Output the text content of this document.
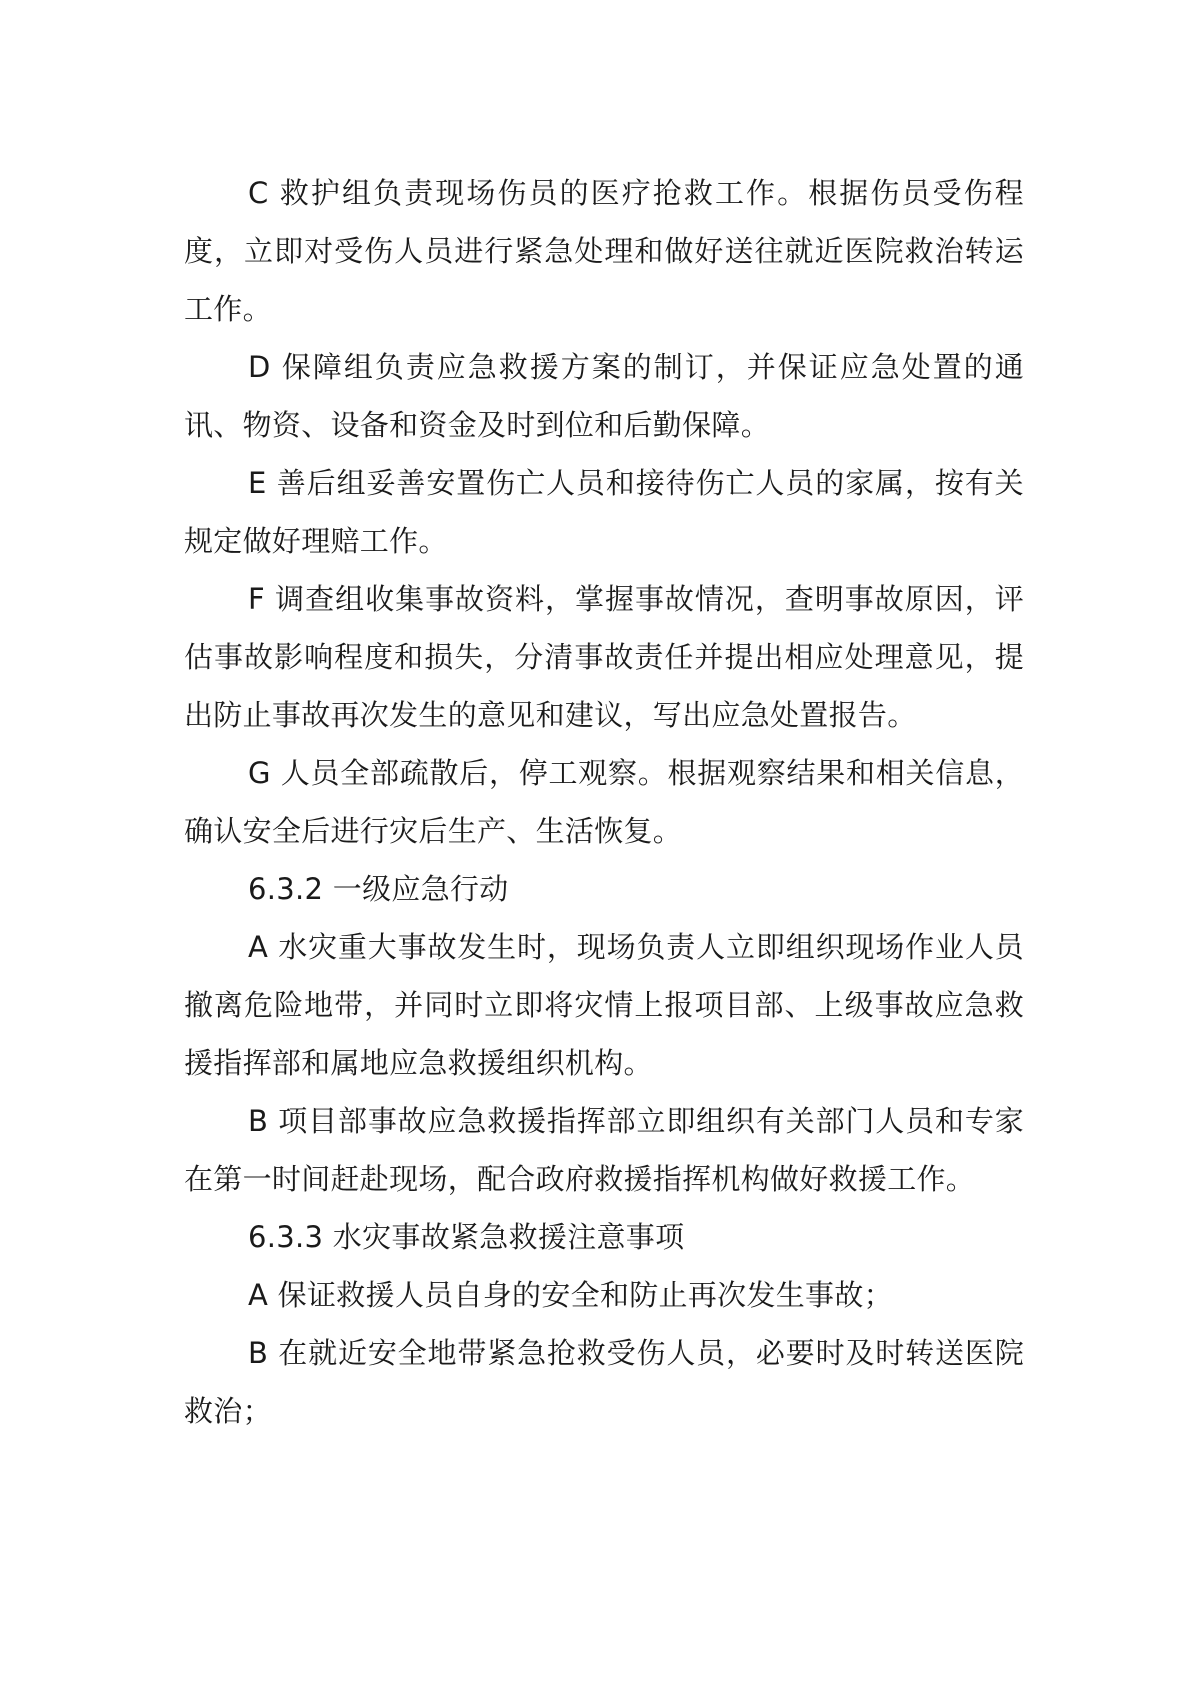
C 救护组负责现场伤员的医疗抢救工作。根据伤员受伤程度，立即对受伤人员进行紧急处理和做好送往就近医院救治转运工作。

D 保障组负责应急救援方案的制订，并保证应急处置的通讯、物资、设备和资金及时到位和后勤保障。

E 善后组妥善安置伤亡人员和接待伤亡人员的家属，按有关规定做好理赔工作。

F 调查组收集事故资料，掌握事故情况，查明事故原因，评估事故影响程度和损失，分清事故责任并提出相应处理意见，提出防止事故再次发生的意见和建议，写出应急处置报告。

G 人员全部疏散后，停工观察。根据观察结果和相关信息，确认安全后进行灾后生产、生活恢复。

6.3.2 一级应急行动

A 水灾重大事故发生时，现场负责人立即组织现场作业人员撤离危险地带，并同时立即将灾情上报项目部、上级事故应急救援指挥部和属地应急救援组织机构。

B 项目部事故应急救援指挥部立即组织有关部门人员和专家在第一时间赶赴现场，配合政府救援指挥机构做好救援工作。

6.3.3 水灾事故紧急救援注意事项

A 保证救援人员自身的安全和防止再次发生事故；

B 在就近安全地带紧急抢救受伤人员，必要时及时转送医院救治；
